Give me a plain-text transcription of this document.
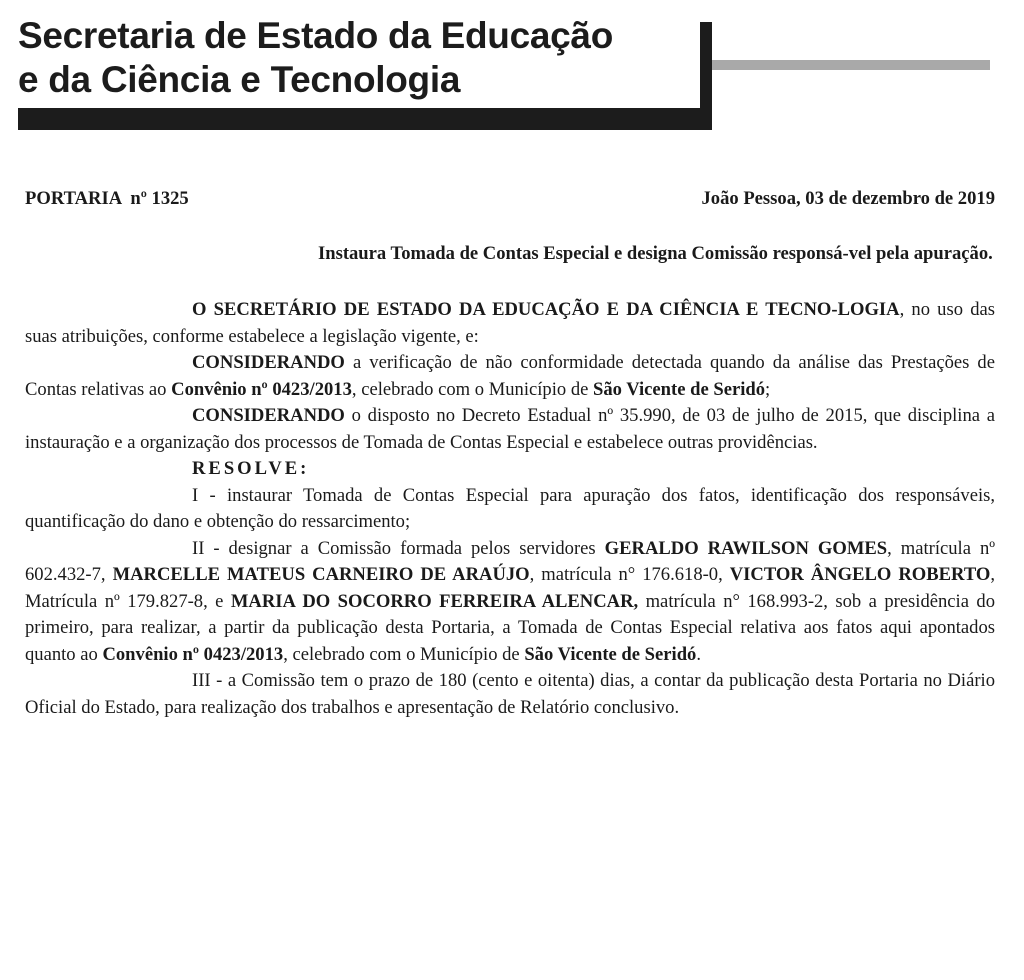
Secretaria de Estado da Educação
e da Ciência e Tecnologia
PORTARIA  nº 1325	João Pessoa, 03 de dezembro de 2019

Instaura Tomada de Contas Especial e designa Comissão responsá-vel pela apuração.

O SECRETÁRIO DE ESTADO DA EDUCAÇÃO E DA CIÊNCIA E TECNO-LOGIA, no uso das suas atribuições, conforme estabelece a legislação vigente, e:

CONSIDERANDO a verificação de não conformidade detectada quando da análise das Prestações de Contas relativas ao Convênio nº 0423/2013, celebrado com o Município de São Vicente de Seridó;

CONSIDERANDO o disposto no Decreto Estadual nº 35.990, de 03 de julho de 2015, que disciplina a instauração e a organização dos processos de Tomada de Contas Especial e estabelece outras providências.

RESOLVE:

I - instaurar Tomada de Contas Especial para apuração dos fatos, identificação dos responsáveis, quantificação do dano e obtenção do ressarcimento;

II - designar a Comissão formada pelos servidores GERALDO RAWILSON GOMES, matrícula nº 602.432-7, MARCELLE MATEUS CARNEIRO DE ARAÚJO, matrícula n° 176.618-0, VICTOR ÂNGELO ROBERTO, Matrícula nº 179.827-8, e MARIA DO SOCORRO FERREIRA ALENCAR, matrícula n° 168.993-2, sob a presidência do primeiro, para realizar, a partir da publicação desta Portaria, a Tomada de Contas Especial relativa aos fatos aqui apontados quanto ao Convênio nº 0423/2013, celebrado com o Município de São Vicente de Seridó.

III - a Comissão tem o prazo de 180 (cento e oitenta) dias, a contar da publicação desta Portaria no Diário Oficial do Estado, para realização dos trabalhos e apresentação de Relatório conclusivo.
